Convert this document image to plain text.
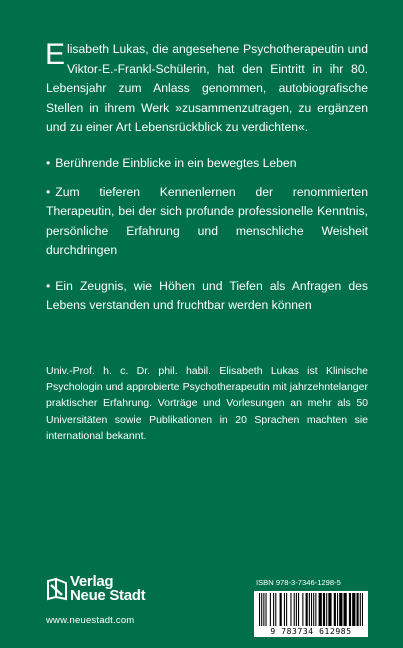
Elisabeth Lukas, die angesehene Psychotherapeutin und Viktor-E.-Frankl-Schülerin, hat den Eintritt in ihr 80. Lebensjahr zum Anlass genommen, autobiografische Stellen in ihrem Werk »zusammenzutragen, zu ergänzen und zu einer Art Lebensrückblick zu verdichten«.

• Berührende Einblicke in ein bewegtes Leben

• Zum tieferen Kennenlernen der renommierten Therapeutin, bei der sich profunde professionelle Kenntnis, persönliche Erfahrung und menschliche Weisheit durchdringen

• Ein Zeugnis, wie Höhen und Tiefen als Anfragen des Lebens verstanden und fruchtbar werden können

Univ.-Prof. h. c. Dr. phil. habil. Elisabeth Lukas ist Klinische Psychologin und approbierte Psychotherapeutin mit jahrzehntelanger praktischer Erfahrung. Vorträge und Vorlesungen an mehr als 50 Universitäten sowie Publikationen in 20 Sprachen machten sie international bekannt.
Verlag
Neue Stadt
www.neuestadt.com
ISBN 978-3-7346-1298-5
9 783734 612985
